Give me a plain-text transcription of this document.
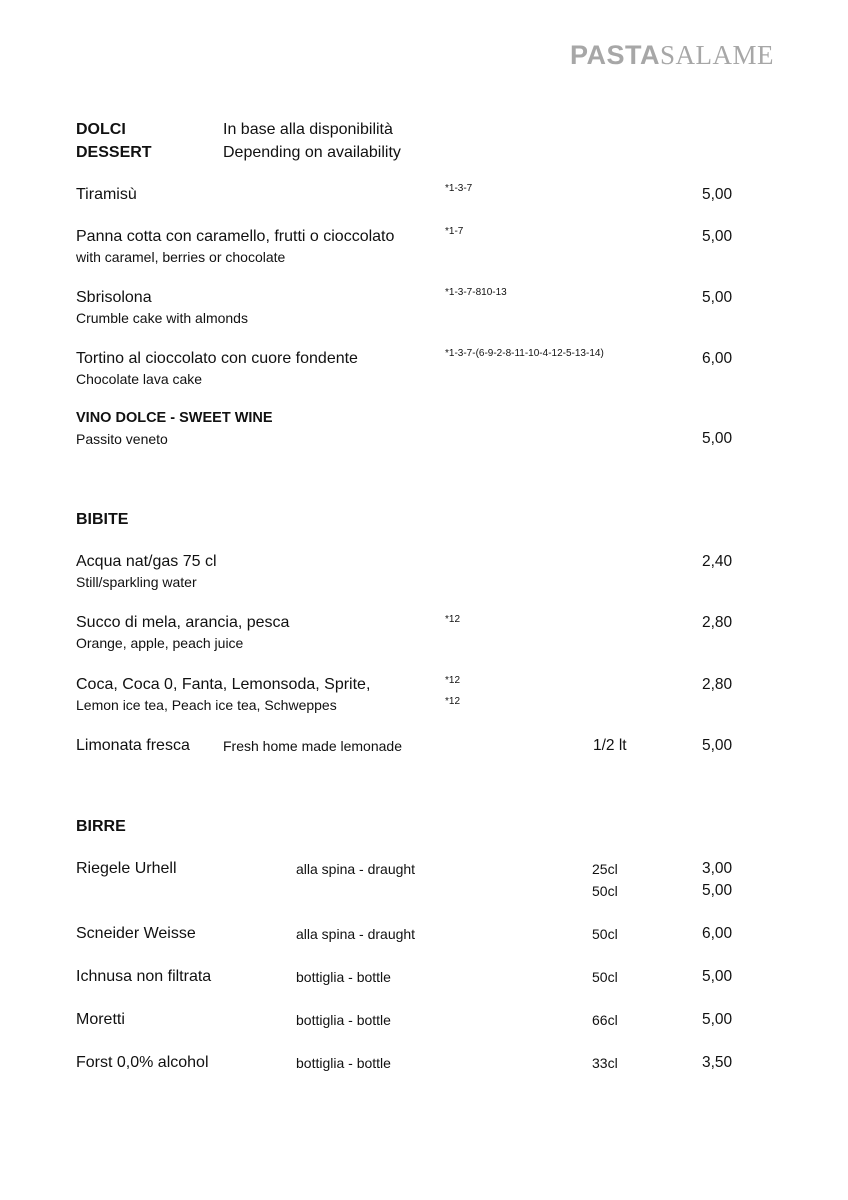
PASTASALAME
DOLCI
DESSERT
In base alla disponibilità
Depending on availability
Tiramisù	*1-3-7	5,00
Panna cotta con caramello, frutti o cioccolato
with caramel, berries or chocolate
*1-7	5,00
Sbrisolona
Crumble cake with almonds
*1-3-7-810-13	5,00
Tortino al cioccolato con cuore fondente
Chocolate lava cake
*1-3-7-(6-9-2-8-11-10-4-12-5-13-14)	6,00
VINO DOLCE - SWEET WINE
Passito veneto	5,00
BIBITE
Acqua nat/gas 75 cl
Still/sparkling water
2,40
Succo di mela, arancia, pesca
Orange, apple, peach juice
*12	2,80
Coca, Coca 0, Fanta, Lemonsoda, Sprite,
Lemon ice tea, Peach ice tea, Schweppes
*12
*12
2,80
Limonata fresca Fresh home made lemonade	1/2 lt	5,00
BIRRE
Riegele Urhell	alla spina - draught	25cl	3,00
50cl	5,00
Scneider Weisse	alla spina - draught	50cl	6,00
Ichnusa non filtrata	bottiglia - bottle	50cl	5,00
Moretti	bottiglia - bottle	66cl	5,00
Forst 0,0% alcohol	bottiglia - bottle	33cl	3,50
